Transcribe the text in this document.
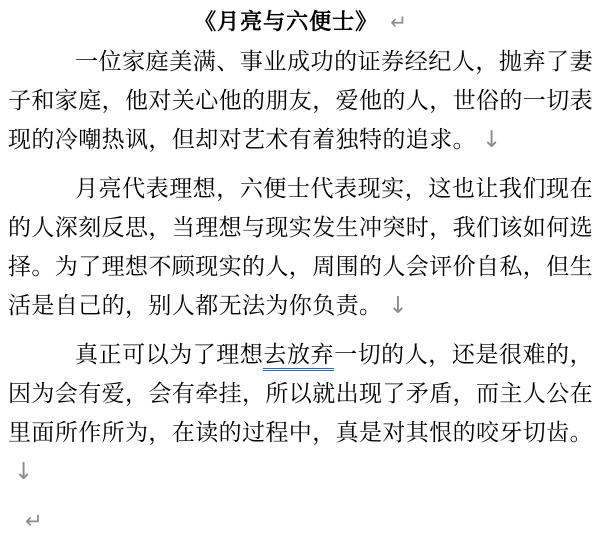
《月亮与六便士》 ↵

一位家庭美满、事业成功的证券经纪人，抛弃了妻子和家庭，他对关心他的朋友，爱他的人，世俗的一切表现的冷嘲热讽，但却对艺术有着独特的追求。 ↓

月亮代表理想，六便士代表现实，这也让我们现在的人深刻反思，当理想与现实发生冲突时，我们该如何选择。为了理想不顾现实的人，周围的人会评价自私，但生活是自己的，别人都无法为你负责。 ↓

真正可以为了理想去放弃一切的人，还是很难的，因为会有爱，会有牵挂，所以就出现了矛盾，而主人公在里面所作所为，在读的过程中，真是对其恨的咬牙切齿。↓

↵
